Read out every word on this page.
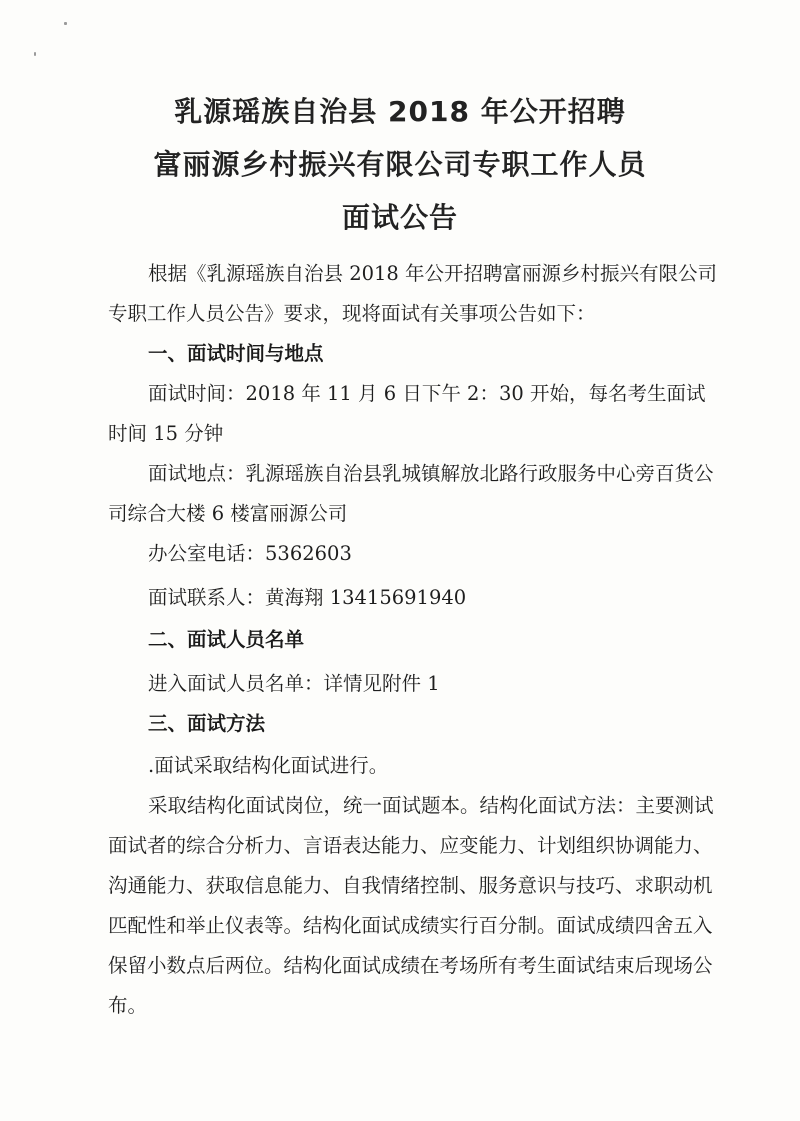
乳源瑶族自治县 2018 年公开招聘
富丽源乡村振兴有限公司专职工作人员
面试公告
根据《乳源瑶族自治县 2018 年公开招聘富丽源乡村振兴有限公司专职工作人员公告》要求，现将面试有关事项公告如下：
一、面试时间与地点
面试时间：2018 年 11 月 6 日下午 2：30 开始，每名考生面试时间 15 分钟
面试地点：乳源瑶族自治县乳城镇解放北路行政服务中心旁百货公司综合大楼 6 楼富丽源公司
办公室电话：5362603
面试联系人：黄海翔 13415691940
二、面试人员名单
进入面试人员名单：详情见附件 1
三、面试方法
.面试采取结构化面试进行。
采取结构化面试岗位，统一面试题本。结构化面试方法：主要测试面试者的综合分析力、言语表达能力、应变能力、计划组织协调能力、沟通能力、获取信息能力、自我情绪控制、服务意识与技巧、求职动机匹配性和举止仪表等。结构化面试成绩实行百分制。面试成绩四舍五入保留小数点后两位。结构化面试成绩在考场所有考生面试结束后现场公布。
